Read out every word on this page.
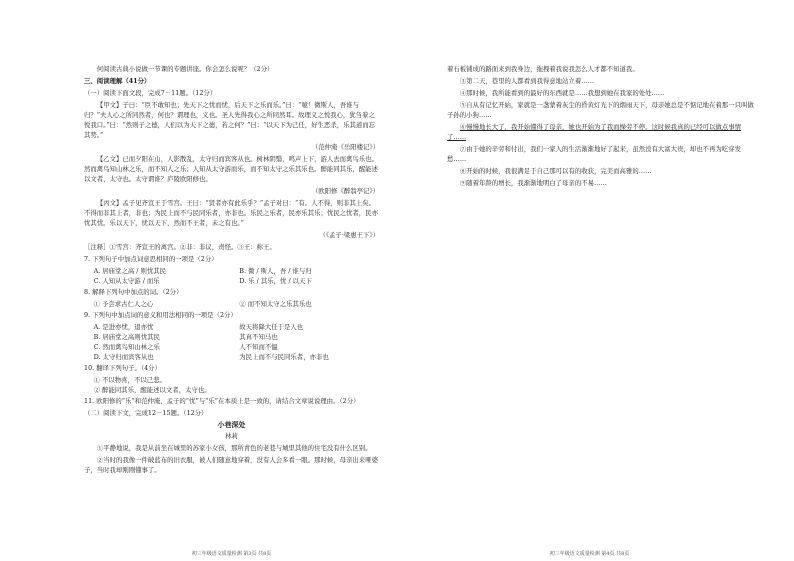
何阅读古典小说做一节课的专题讲座。你会怎么说呢？（2分）

三、阅读理解（41分）

（一）阅读下面文段，完成7－11题。（12分）

【甲文】子曰：“臣不敢知也；先天下之忧而忧，后天下之乐而乐。”曰：“噫！微斯人，吾谁与归？”夫人心之所同然者，何也？谓理也，义也。圣人先得我心之所同然耳。故理义之悦我心，犹刍豢之悦我口。”曰：“然则子之德，人们以为天下之德，若之何？”曰：“以天下为己任，好生恶杀，乐其道而忘其势。”

（范仲淹《岳阳楼记》）

【乙文】已而夕阳在山，人影散乱，太守归而宾客从也。树林阴翳，鸣声上下，游人去而禽鸟乐也。然而禽鸟知山林之乐，而不知人之乐；人知从太守游而乐，而不知太守之乐其乐也。醉能同其乐，醒能述以文者，太守也。太守谓谁？庐陵欧阳修也。

（欧阳修《醉翁亭记》）

【丙文】孟子见齐宣王于雪宫。王曰：“贤者亦有此乐乎？”孟子对曰：“有。人不得，则非其上矣。不得而非其上者，非也；为民上而不与民同乐者，亦非也。乐民之乐者，民亦乐其乐；忧民之忧者，民亦忧其忧。乐以天下，忧以天下，然而不王者，未之有也。”

（《孟子·梁惠王下》）

［注释］①雪宫：齐宣王的离宫。②非：非议，责怪。③王：称王。

7. 下列句子中加点词意思相同的一项是（2分）

A. 居庙堂之高 / 则忧其民	B. 微 / 斯人，吾 / 谁与归
C. 人知从太守游 / 而乐	D. 乐 / 其乐，忧 / 以天下

8. 解释下列句中加点的词。（2分）

① 予尝求古仁人之心	② 而不知太守之乐其乐也

9. 下列句中加点词的意义和用法相同的一项是（2分）

A. 是进亦忧，退亦忧	故天将降大任于是人也
B. 居庙堂之高则忧其民	其真不知马也
C. 然而禽鸟知山林之乐	人不知而不愠
D. 太守归而宾客从也	为民上而不与民同乐者，亦非也

10. 翻译下列句子。（4分）

① 不以物喜，不以己悲。
② 醉能同其乐，醒能述以文者，太守也。

11. 欧阳修的“乐”和范仲淹、孟子的“忧”与“乐”在本质上是一致的，请结合文章说说理由。（2分）

（二）阅读下文，完成12－15题。（12分）

小巷深处

林莉

①平静地说，我是从前坐在城里的苏家小女孩，那所青色的老巷与城里其他的住宅没有什么区别。

②当时的我像一件破蓝布的旧衣服，被人们随意地穿着，没有人会多看一眼。那时候，母亲出来哑婆子，当时我却刚刚懂事了。

初三年级语文质量检测 第3页 共8页

着石板铺成的路面来到我身边，拖拽着我说我怎么人才都不知道我。

③第二天，巷里的人都看到我得意地站立着……

④那时候，我所能看到的最好的东西就是……我想到她在我家的处处……

⑤自从有记忆开始，家就是一盏蒙着灰尘的昏黄灯光下的烟雨天下，母亲她总是不惦记地在着那一只叫做子孙的小狗……

⑥慢慢地长大了，我开始懂得了母亲，她也开始为了我而操劳不停。这时候我真的已经可以做点事情了……

⑦由于她的辛劳和付出，我们一家人的生活渐渐地好了起来，虽然没有大富大贵，却也不再为吃穿发愁……

⑧开始的时候，我很满足于自己那可以有的收获，完美而高雅的……

⑨随着年龄的增长，我渐渐地明白了母亲的不易……

初三年级语文质量检测 第4页 共8页
